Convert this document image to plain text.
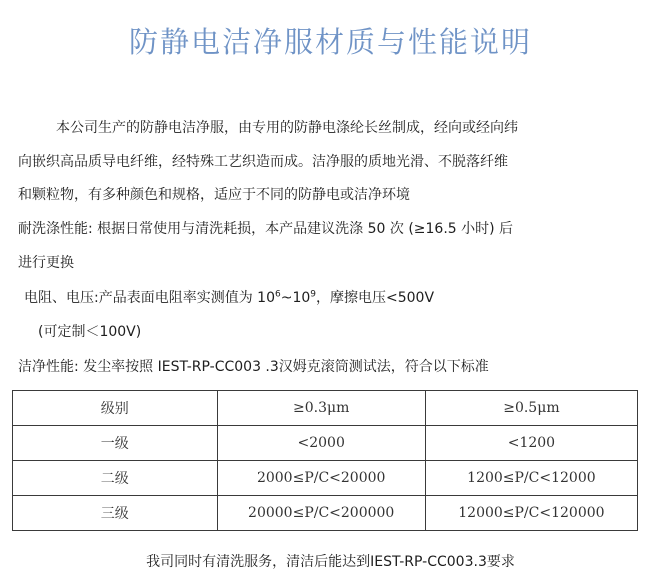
防静电洁净服材质与性能说明
本公司生产的防静电洁净服，由专用的防静电涤纶长丝制成，经向或经向纬
向嵌织高品质导电纤维，经特殊工艺织造而成。洁净服的质地光滑、不脱落纤维
和颗粒物，有多种颜色和规格，适应于不同的防静电或洁净环境
耐洗涤性能: 根据日常使用与清洗耗损，本产品建议洗涤 50 次 (≥16.5 小时) 后
进行更换
电阻、电压:产品表面电阻率实测值为 $10^6\sim 10^9$，摩擦电压<500V
(可定制＜100V)
洁净性能: 发尘率按照 IEST-RP-CC003 .3汉姆克滚筒测试法，符合以下标准
级别	≥0.3μm	≥0.5μm
一级	<2000	<1200
二级	2000≤P/C<20000	1200≤P/C<12000
三级	20000≤P/C<200000	12000≤P/C<120000
我司同时有清洗服务，清洁后能达到IEST-RP-CC003.3要求
